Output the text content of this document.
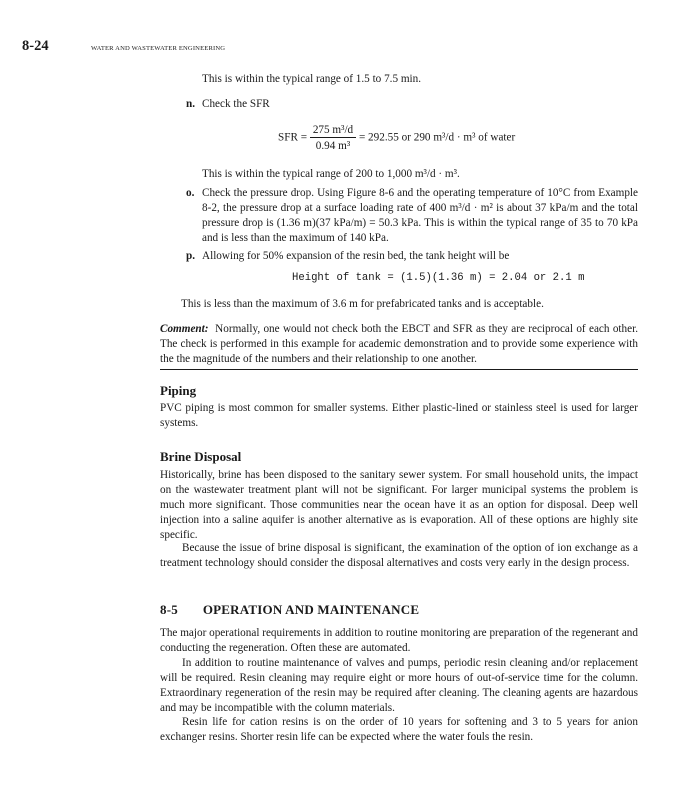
8-24	WATER AND WASTEWATER ENGINEERING

This is within the typical range of 1.5 to 7.5 min.

n. Check the SFR
SFR = $\frac{\text{275 m³/d}}{\text{0.94 m³}} = 292.55$ or 290 m³/d · m³ of water

This is within the typical range of 200 to 1,000 m³/d · m³.

o. Check the pressure drop. Using Figure 8-6 and the operating temperature of 10°C from Example 8-2, the pressure drop at a surface loading rate of 400 m³/d · m² is about 37 kPa/m and the total pressure drop is (1.36 m)(37 kPa/m) = 50.3 kPa. This is within the typical range of 35 to 70 kPa and is less than the maximum of 140 kPa.
p. Allowing for 50% expansion of the resin bed, the tank height will be
Height of tank = (1.5)(1.36 m) = 2.04 or 2.1 m

This is less than the maximum of 3.6 m for prefabricated tanks and is acceptable.

Comment: Normally, one would not check both the EBCT and SFR as they are reciprocal of each other. The check is performed in this example for academic demonstration and to provide some experience with the the magnitude of the numbers and their relationship to one another.

Piping

PVC piping is most common for smaller systems. Either plastic-lined or stainless steel is used for larger systems.

Brine Disposal

Historically, brine has been disposed to the sanitary sewer system. For small household units, the impact on the wastewater treatment plant will not be significant. For larger municipal systems the problem is much more significant. Those communities near the ocean have it as an option for disposal. Deep well injection into a saline aquifer is another alternative as is evaporation. All of these options are highly site specific.

Because the issue of brine disposal is significant, the examination of the option of ion exchange as a treatment technology should consider the disposal alternatives and costs very early in the design process.

8-5 OPERATION AND MAINTENANCE

The major operational requirements in addition to routine monitoring are preparation of the regenerant and conducting the regeneration. Often these are automated.

In addition to routine maintenance of valves and pumps, periodic resin cleaning and/or replacement will be required. Resin cleaning may require eight or more hours of out-of-service time for the column. Extraordinary regeneration of the resin may be required after cleaning. The cleaning agents are hazardous and may be incompatible with the column materials.

Resin life for cation resins is on the order of 10 years for softening and 3 to 5 years for anion exchanger resins. Shorter resin life can be expected where the water fouls the resin.
